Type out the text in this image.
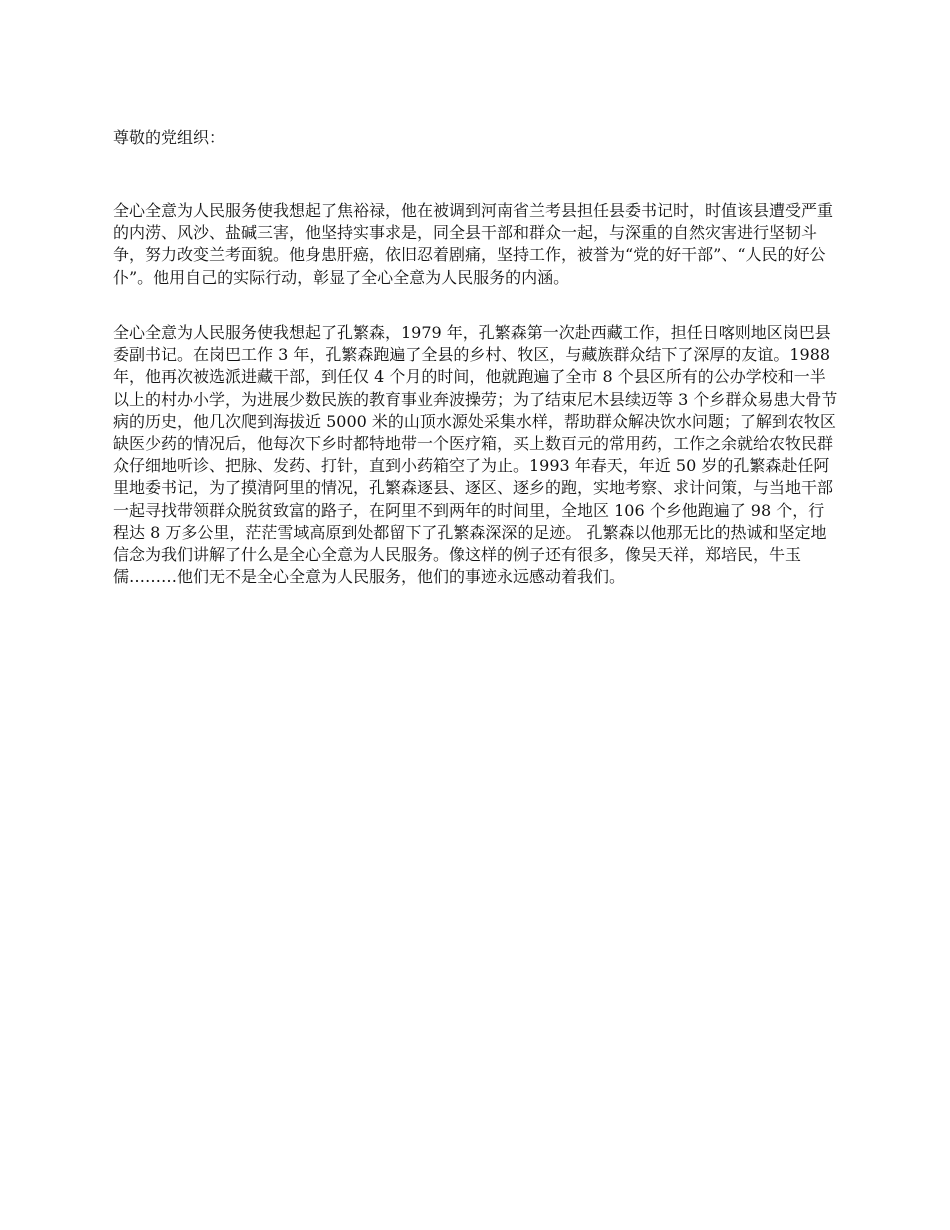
尊敬的党组织：

全心全意为人民服务使我想起了焦裕禄，他在被调到河南省兰考县担任县委书记时，时值该县遭受严重的内涝、风沙、盐碱三害，他坚持实事求是，同全县干部和群众一起，与深重的自然灾害进行坚韧斗争，努力改变兰考面貌。他身患肝癌，依旧忍着剧痛，坚持工作，被誉为“党的好干部”、“人民的好公仆”。他用自己的实际行动，彰显了全心全意为人民服务的内涵。

全心全意为人民服务使我想起了孔繁森，1979 年，孔繁森第一次赴西藏工作，担任日喀则地区岗巴县委副书记。在岗巴工作 3 年，孔繁森跑遍了全县的乡村、牧区，与藏族群众结下了深厚的友谊。1988 年，他再次被选派进藏干部，到任仅 4 个月的时间，他就跑遍了全市 8 个县区所有的公办学校和一半以上的村办小学，为进展少数民族的教育事业奔波操劳；为了结束尼木县续迈等 3 个乡群众易患大骨节病的历史，他几次爬到海拔近 5000 米的山顶水源处采集水样，帮助群众解决饮水问题；了解到农牧区缺医少药的情况后，他每次下乡时都特地带一个医疗箱，买上数百元的常用药，工作之余就给农牧民群众仔细地听诊、把脉、发药、打针，直到小药箱空了为止。1993 年春天，年近 50 岁的孔繁森赴任阿里地委书记，为了摸清阿里的情况，孔繁森逐县、逐区、逐乡的跑，实地考察、求计问策，与当地干部一起寻找带领群众脱贫致富的路子，在阿里不到两年的时间里，全地区 106 个乡他跑遍了 98 个，行程达 8 万多公里，茫茫雪域高原到处都留下了孔繁森深深的足迹。 孔繁森以他那无比的热诚和坚定地信念为我们讲解了什么是全心全意为人民服务。像这样的例子还有很多，像吴天祥，郑培民，牛玉儒………他们无不是全心全意为人民服务，他们的事迹永远感动着我们。
